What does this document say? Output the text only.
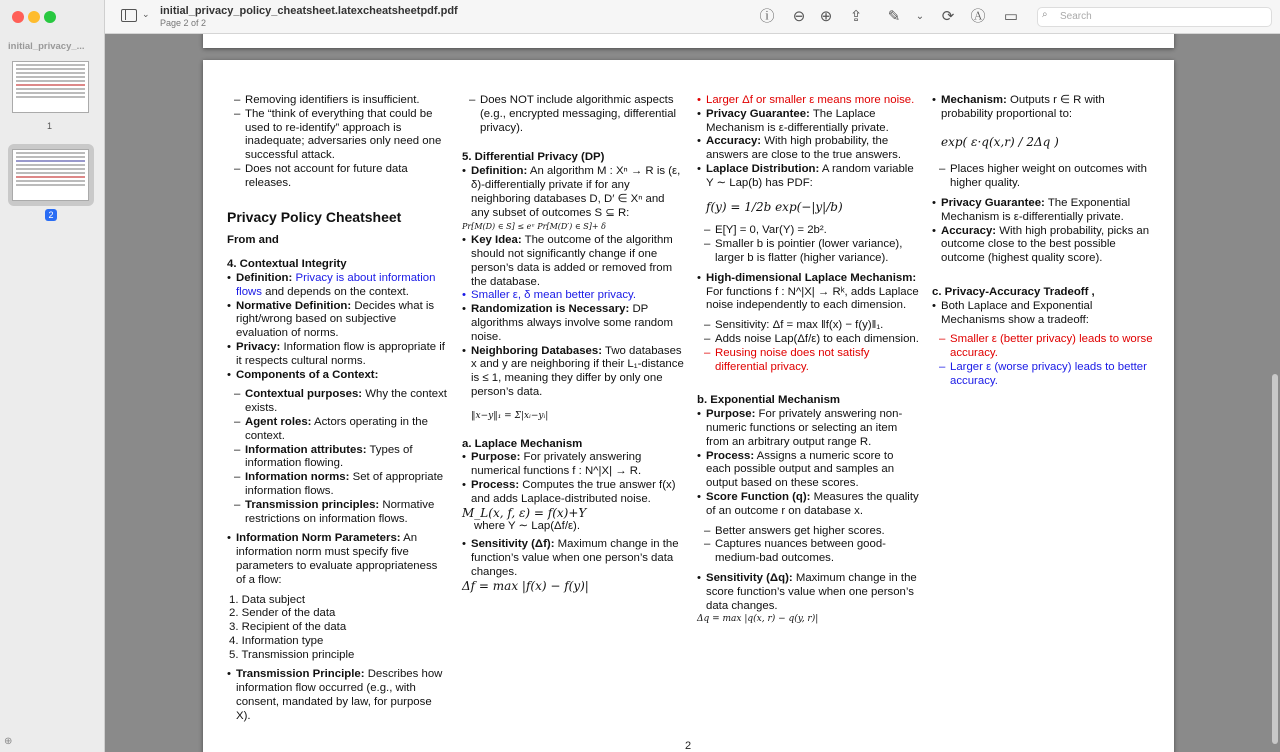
initial_privacy_...
1
2
⊕
⌄ initial_privacy_policy_cheatsheet.latexcheatsheetpdf.pdf
Page 2 of 2	ⓘ ⊖ ⊕ ⇪ ✎	⌄	⟳ Ⓐ ▭	Search
⌕

– Removing identifiers is insufficient.

– The “think of everything that could be used to re-identify” approach is inadequate; adversaries only need one successful attack.

– Does not account for future data releases.

Privacy Policy Cheatsheet

From and

4. Contextual Integrity

• Definition: Privacy is about information flows and depends on the context.

• Normative Definition: Decides what is right/wrong based on subjective evaluation of norms.

• Privacy: Information flow is appropriate if it respects cultural norms.

• Components of a Context:

– Contextual purposes: Why the context exists.

– Agent roles: Actors operating in the context.

– Information attributes: Types of information flowing.

– Information norms: Set of appropriate information flows.

– Transmission principles: Normative restrictions on information flows.

• Information Norm Parameters: An information norm must specify five parameters to evaluate appropriateness of a flow:

1. Data subject

2. Sender of the data

3. Recipient of the data

4. Information type

5. Transmission principle

• Transmission Principle: Describes how information flow occurred (e.g., with consent, mandated by law, for purpose X).

– Does NOT include algorithmic aspects (e.g., encrypted messaging, differential privacy).

5. Differential Privacy (DP)

• Definition: An algorithm M : Xⁿ → R is (ε, δ)-differentially private if for any neighboring databases D, D′ ∈ Xⁿ and any subset of outcomes S ⊆ R:

Pr[M(D) ∈ S] ≤ eᵋ Pr[M(D′) ∈ S]+ δ

• Key Idea: The outcome of the algorithm should not significantly change if one person’s data is added or removed from the database.

• Smaller ε, δ mean better privacy.

• Randomization is Necessary: DP algorithms always involve some random noise.

• Neighboring Databases: Two databases x and y are neighboring if their L₁-distance is ≤ 1, meaning they differ by only one person’s data.

‖x−y‖₁ = Σ|xᵢ−yᵢ|

a. Laplace Mechanism

• Purpose: For privately answering numerical functions f : N^|X| → R.

• Process: Computes the true answer f(x) and adds Laplace-distributed noise.

M_L(x, f, ε) = f(x)+Y

where Y ∼ Lap(Δf/ε).

• Sensitivity (Δf): Maximum change in the function’s value when one person’s data changes.

Δf = max |f(x) − f(y)|

• Larger Δf or smaller ε means more noise.

• Privacy Guarantee: The Laplace Mechanism is ε-differentially private.

• Accuracy: With high probability, the answers are close to the true answers.

• Laplace Distribution: A random variable Y ∼ Lap(b) has PDF:

f(y) = 1/2b exp(−|y|/b)

– E[Y] = 0, Var(Y) = 2b².

– Smaller b is pointier (lower variance), larger b is flatter (higher variance).

• High-dimensional Laplace Mechanism: For functions f : N^|X| → Rᵏ, adds Laplace noise independently to each dimension.

– Sensitivity: Δf = max ‖f(x) − f(y)‖₁.

– Adds noise Lap(Δf/ε) to each dimension.

– Reusing noise does not satisfy differential privacy.

b. Exponential Mechanism

• Purpose: For privately answering non-numeric functions or selecting an item from an arbitrary output range R.

• Process: Assigns a numeric score to each possible output and samples an output based on these scores.

• Score Function (q): Measures the quality of an outcome r on database x.

– Better answers get higher scores.

– Captures nuances between good-medium-bad outcomes.

• Sensitivity (Δq): Maximum change in the score function’s value when one person’s data changes.

Δq = max |q(x, r) − q(y, r)|

• Mechanism: Outputs r ∈ R with probability proportional to:

exp( ε·q(x,r) / 2Δq )

– Places higher weight on outcomes with higher quality.

• Privacy Guarantee: The Exponential Mechanism is ε-differentially private.

• Accuracy: With high probability, picks an outcome close to the best possible outcome (highest quality score).

c. Privacy-Accuracy Tradeoff ,

• Both Laplace and Exponential Mechanisms show a tradeoff:

– Smaller ε (better privacy) leads to worse accuracy.

– Larger ε (worse privacy) leads to better accuracy.

2
